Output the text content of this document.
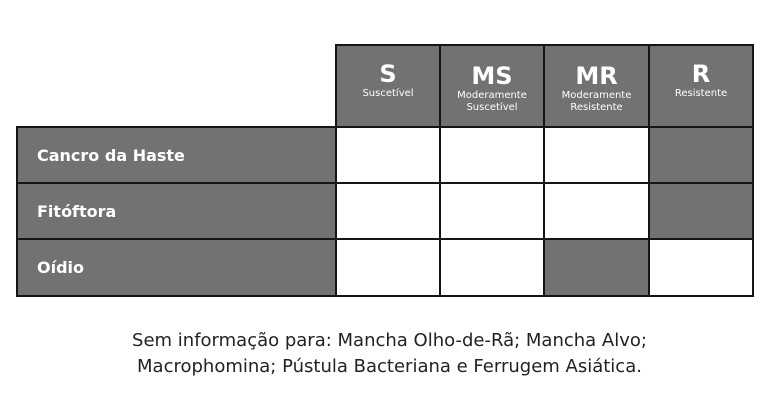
S
Suscetível
MS
Moderamente
Suscetível
MR
Moderamente
Resistente
R
Resistente
Cancro da Haste
Fitóftora
Oídio
Sem informação para: Mancha Olho-de-Rã; Mancha Alvo;
Macrophomina; Pústula Bacteriana e Ferrugem Asiática.
